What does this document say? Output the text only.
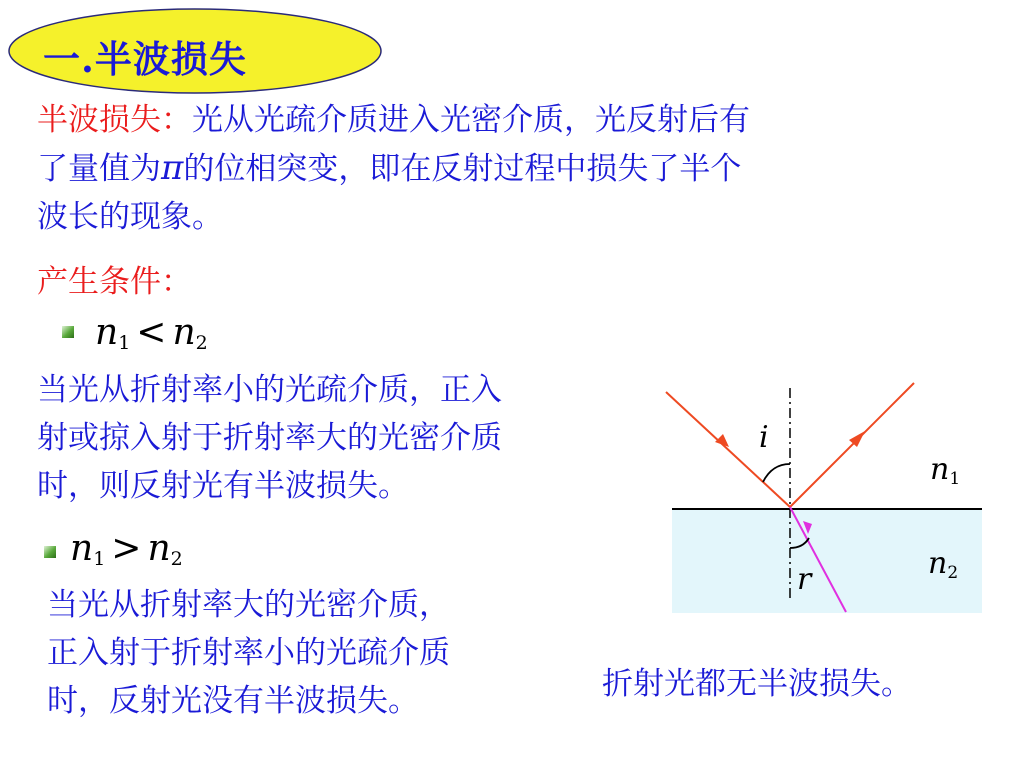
一.半波损失
半波损失：光从光疏介质进入光密介质，光反射后有
了量值为π的位相突变，即在反射过程中损失了半个
波长的现象。
产生条件：
$n_1 < n_2$
当光从折射率小的光疏介质，正入
射或掠入射于折射率大的光密介质
时，则反射光有半波损失。
$n_1 > n_2$
当光从折射率大的光密介质，
正入射于折射率小的光疏介质
时，反射光没有半波损失。
i
r
$n_1$
$n_2$
折射光都无半波损失。
